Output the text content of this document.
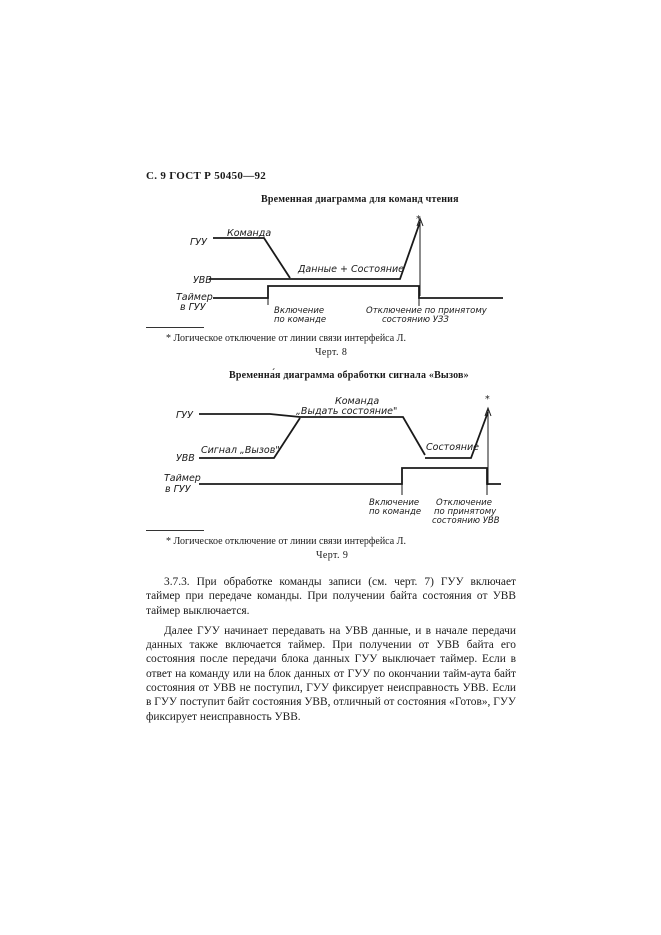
С. 9 ГОСТ Р 50450—92
Временная диаграмма для команд чтения
ГУУ
УВВ
Таймер
в ГУУ
Команда
Данные + Состояние
Включение
по команде
Отключение по принятому
состоянию УЗЗ
*
* Логическое отключение от линии связи интерфейса Л.
Черт. 8
Временна́я диаграмма обработки сигнала «Вызов»
ГУУ
УВВ
Таймер
в ГУУ
Команда
„Выдать состояние"
Сигнал „Вызов"	Состояние
Включение
по команде
Отключение
по принятому
состоянию УВВ
*
* Логическое отключение от линии связи интерфейса Л.
Черт. 9

3.7.3. При обработке команды записи (см. черт. 7) ГУУ включает таймер при передаче команды. При получении байта состояния от УВВ таймер выключается.

Далее ГУУ начинает передавать на УВВ данные, и в начале передачи данных также включается таймер. При получении от УВВ байта его состояния после передачи блока данных ГУУ выключает таймер. Если в ответ на команду или на блок данных от ГУУ по окончании тайм-аута байт состояния от УВВ не поступил, ГУУ фиксирует неисправность УВВ. Если в ГУУ поступит байт состояния УВВ, отличный от состояния «Готов», ГУУ фиксирует неисправность УВВ.
